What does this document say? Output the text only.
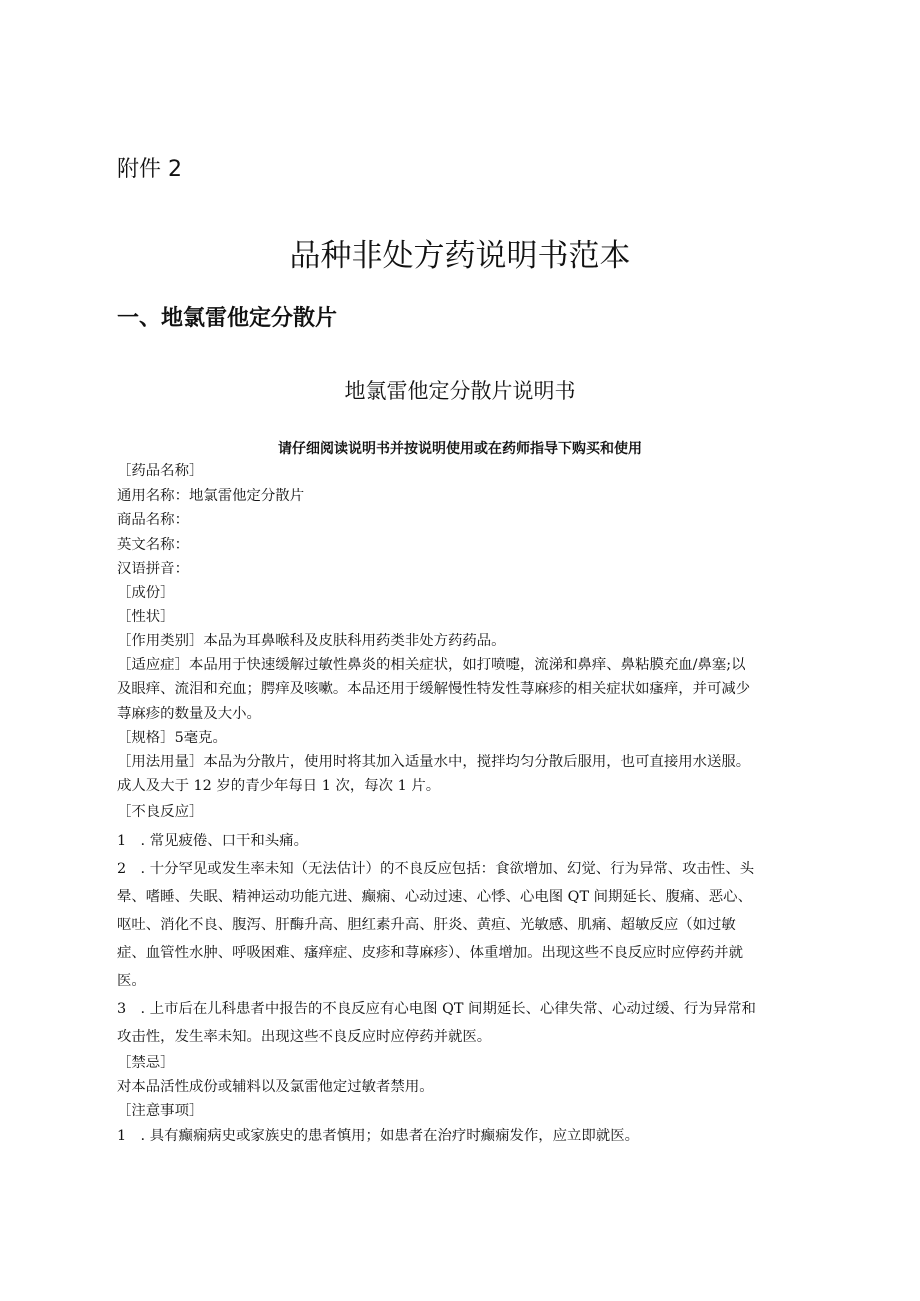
附件 2
品种非处方药说明书范本
一、地氯雷他定分散片
地氯雷他定分散片说明书
请仔细阅读说明书并按说明使用或在药师指导下购买和使用
［药品名称］
通用名称：地氯雷他定分散片
商品名称：
英文名称：
汉语拼音：
［成份］
［性状］
［作用类别］本品为耳鼻喉科及皮肤科用药类非处方药药品。
［适应症］本品用于快速缓解过敏性鼻炎的相关症状，如打喷嚏，流涕和鼻痒、鼻粘膜充血/鼻塞;以
及眼痒、流泪和充血；腭痒及咳嗽。本品还用于缓解慢性特发性荨麻疹的相关症状如瘙痒，并可减少
荨麻疹的数量及大小。
［规格］5毫克。
［用法用量］本品为分散片，使用时将其加入适量水中，搅拌均匀分散后服用，也可直接用水送服。
成人及大于 12 岁的青少年每日 1 次，每次 1 片。
［不良反应］
1　. 常见疲倦、口干和头痛。
2　. 十分罕见或发生率未知（无法估计）的不良反应包括：食欲增加、幻觉、行为异常、攻击性、头
晕、嗜睡、失眠、精神运动功能亢进、癫痫、心动过速、心悸、心电图 QT 间期延长、腹痛、恶心、
呕吐、消化不良、腹泻、肝酶升高、胆红素升高、肝炎、黄疸、光敏感、肌痛、超敏反应（如过敏
症、血管性水肿、呼吸困难、瘙痒症、皮疹和荨麻疹）、体重增加。出现这些不良反应时应停药并就
医。
3　. 上市后在儿科患者中报告的不良反应有心电图 QT 间期延长、心律失常、心动过缓、行为异常和
攻击性，发生率未知。出现这些不良反应时应停药并就医。
［禁忌］
对本品活性成份或辅料以及氯雷他定过敏者禁用。
［注意事项］
1　. 具有癫痫病史或家族史的患者慎用；如患者在治疗时癫痫发作，应立即就医。
